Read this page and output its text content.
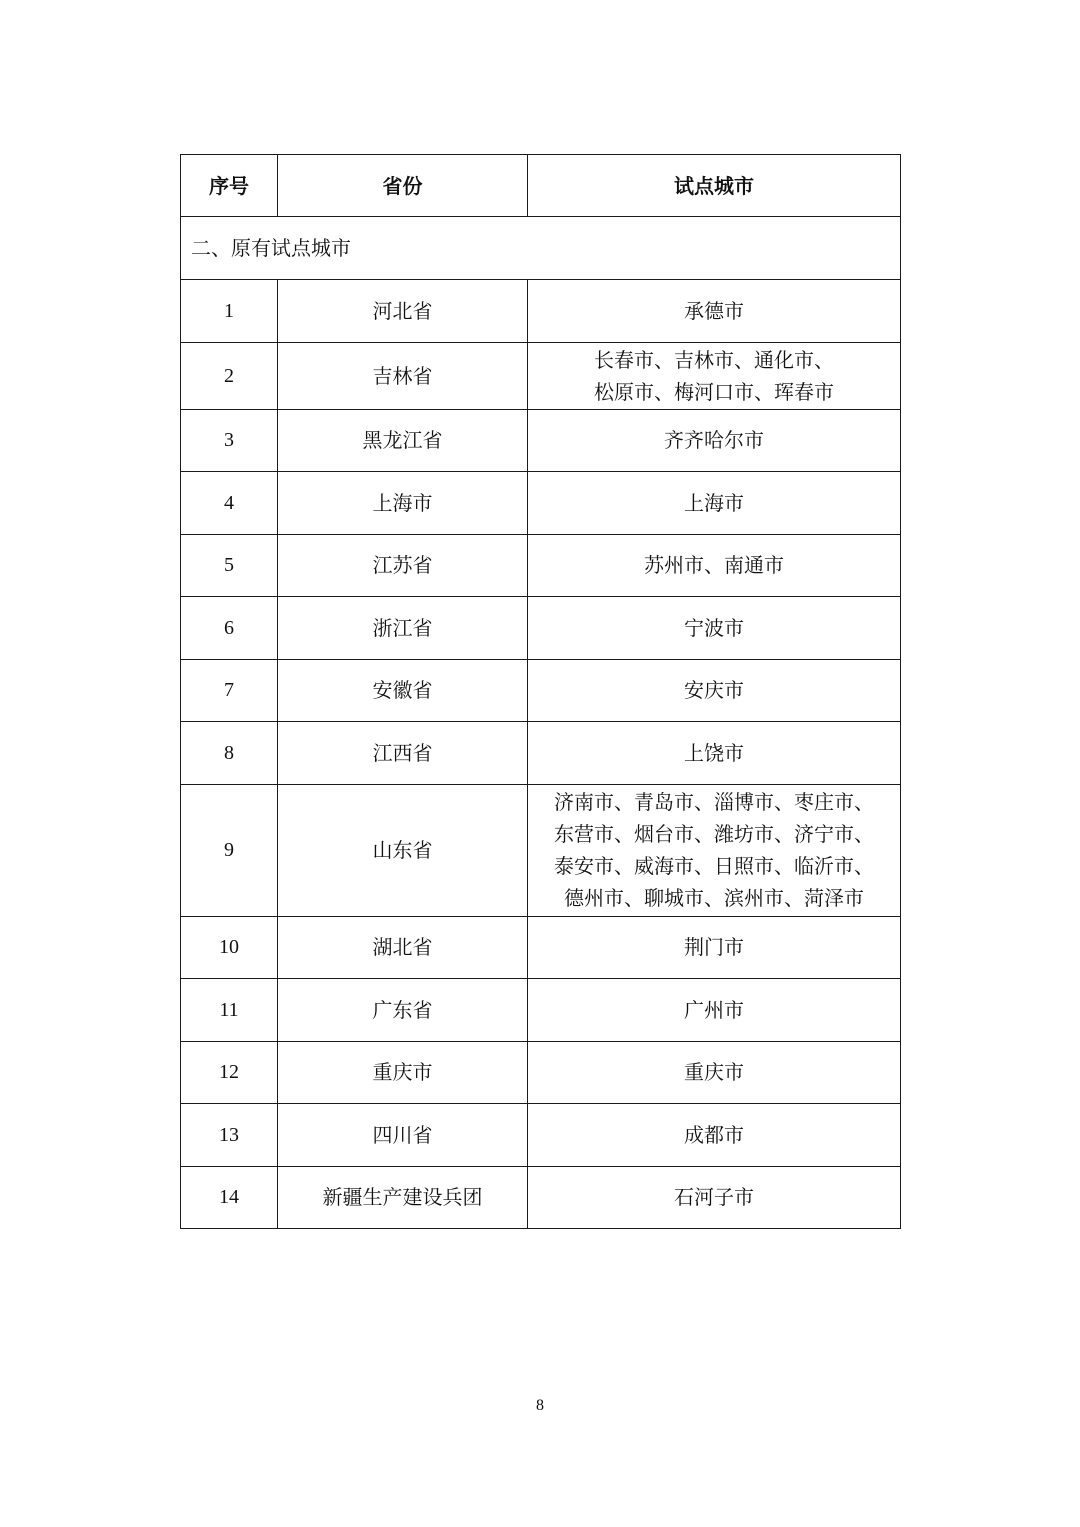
序号	省份	试点城市
二、原有试点城市		
1	河北省	承德市

2	吉林省	长春市、吉林市、通化市、
松原市、梅河口市、珲春市

3	黑龙江省	齐齐哈尔市

4	上海市	上海市

5	江苏省	苏州市、南通市

6	浙江省	宁波市

7	安徽省	安庆市

8	江西省	上饶市

9	山东省	济南市、青岛市、淄博市、枣庄市、
东营市、烟台市、潍坊市、济宁市、
泰安市、威海市、日照市、临沂市、
德州市、聊城市、滨州市、菏泽市

10	湖北省	荆门市

11	广东省	广州市

12	重庆市	重庆市

13	四川省	成都市

14	新疆生产建设兵团	石河子市
8
